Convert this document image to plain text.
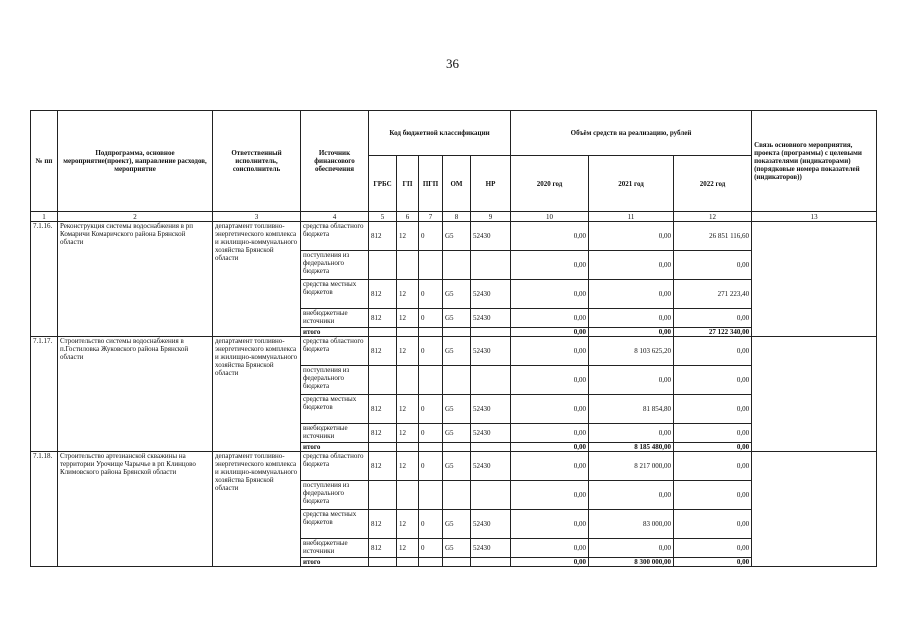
36
№ пп	Подпрограмма, основное мероприятие(проект), направление расходов, мероприятие	Ответственный исполнитель, соисполнитель	Источник финансового обеспечения	Код бюджетной классификации					Объём средств на реализацию, рублей			Связь основного мероприятия, проекта (программы) с целевыми показателями (индикаторами) (порядковые номера показателей (индикаторов))
				ГРБС	ГП	ПГП	ОМ	НР	2020 год	2021 год	2022 год	
1	2	3	4	5	6	7	8	9	10	11	12	13
7.1.16.	Реконструкция системы водоснабжения в рп Комаричи Комаричского района Брянской области	департамент топливно-энергетического комплекса и жилищно-коммунального хозяйства Брянской области	средства областного бюджета	812	12	0	G5	52430	0,00	0,00	26 851 116,60	
			поступления из федерального бюджета						0,00	0,00	0,00	
			средства местных бюджетов	812	12	0	G5	52430	0,00	0,00	271 223,40	
			внебюджетные источники	812	12	0	G5	52430	0,00	0,00	0,00	
			итого						0,00	0,00	27 122 340,00	
7.1.17.	Строительство системы водоснабжения в п.Гостиловка Жуковского района Брянской области	департамент топливно-энергетического комплекса и жилищно-коммунального хозяйства Брянской области	средства областного бюджета	812	12	0	G5	52430	0,00	8 103 625,20	0,00	
			поступления из федерального бюджета						0,00	0,00	0,00	
			средства местных бюджетов	812	12	0	G5	52430	0,00	81 854,80	0,00	
			внебюджетные источники	812	12	0	G5	52430	0,00	0,00	0,00	
			итого						0,00	8 185 480,00	0,00	
7.1.18.	Строительство артезианской скважины на территории Урочище Чарычье в рп Клинцово Климовского района Брянской области	департамент топливно-энергетического комплекса и жилищно-коммунального хозяйства Брянской области	средства областного бюджета	812	12	0	G5	52430	0,00	8 217 000,00	0,00	
			поступления из федерального бюджета						0,00	0,00	0,00	
			средства местных бюджетов	812	12	0	G5	52430	0,00	83 000,00	0,00	
			внебюджетные источники	812	12	0	G5	52430	0,00	0,00	0,00	
			итого						0,00	8 300 000,00	0,00	
